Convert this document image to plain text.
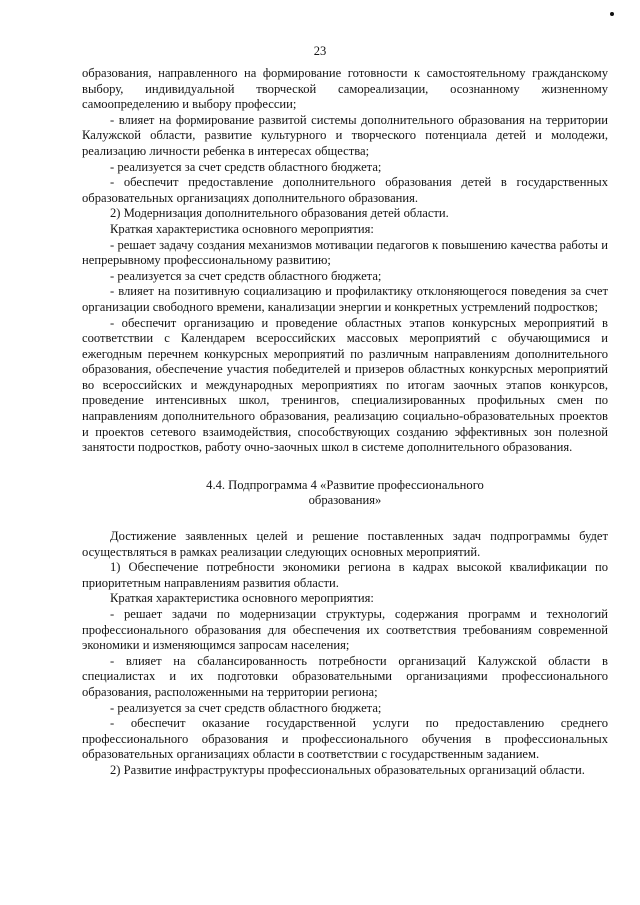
23

образования, направленного на формирование готовности к самостоятельному гражданскому выбору, индивидуальной творческой самореализации, осознанному жизненному самоопределению и выбору профессии;

- влияет на формирование развитой системы дополнительного образования на территории Калужской области, развитие культурного и творческого потенциала детей и молодежи, реализацию личности ребенка в интересах общества;

- реализуется за счет средств областного бюджета;

- обеспечит предоставление дополнительного образования детей в государственных образовательных организациях дополнительного образования.

2) Модернизация дополнительного образования детей области.

Краткая характеристика основного мероприятия:

- решает задачу создания механизмов мотивации педагогов к повышению качества работы и непрерывному профессиональному развитию;

- реализуется за счет средств областного бюджета;

- влияет на позитивную социализацию и профилактику отклоняющегося поведения за счет организации свободного времени, канализации энергии и конкретных устремлений подростков;

- обеспечит организацию и проведение областных этапов конкурсных мероприятий в соответствии с Календарем всероссийских массовых мероприятий с обучающимися и ежегодным перечнем конкурсных мероприятий по различным направлениям дополнительного образования, обеспечение участия победителей и призеров областных конкурсных мероприятий во всероссийских и международных мероприятиях по итогам заочных этапов конкурсов, проведение интенсивных школ, тренингов, специализированных профильных смен по направлениям дополнительного образования, реализацию социально-образовательных проектов и проектов сетевого взаимодействия, способствующих созданию эффективных зон полезной занятости подростков, работу очно-заочных школ в системе дополнительного образования.

4.4. Подпрограмма 4 «Развитие профессионального образования»

Достижение заявленных целей и решение поставленных задач подпрограммы будет осуществляться в рамках реализации следующих основных мероприятий.

1) Обеспечение потребности экономики региона в кадрах высокой квалификации по приоритетным направлениям развития области.

Краткая характеристика основного мероприятия:

- решает задачи по модернизации структуры, содержания программ и технологий профессионального образования для обеспечения их соответствия требованиям современной экономики и изменяющимся запросам населения;

- влияет на сбалансированность потребности организаций Калужской области в специалистах и их подготовки образовательными организациями профессионального образования, расположенными на территории региона;

- реализуется за счет средств областного бюджета;

- обеспечит оказание государственной услуги по предоставлению среднего профессионального образования и профессионального обучения в профессиональных образовательных организациях области в соответствии с государственным заданием.

2) Развитие инфраструктуры профессиональных образовательных организаций области.
